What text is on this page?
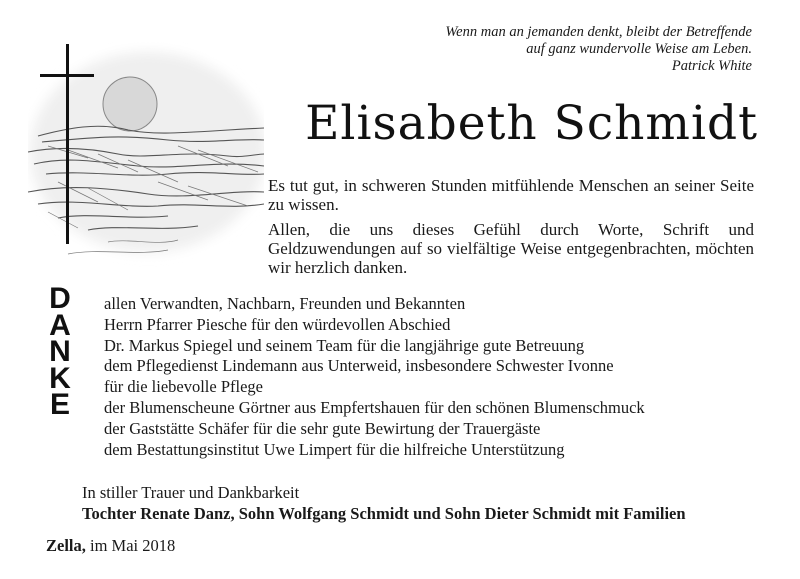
Wenn man an jemanden denkt, bleibt der Betreffende
auf ganz wundervolle Weise am Leben.
Patrick White
Elisabeth Schmidt

Es tut gut, in schweren Stunden mitfühlende Menschen an seiner Seite zu wissen.

Allen, die uns dieses Gefühl durch Worte, Schrift und Geldzuwendungen auf so vielfältige Weise entgegenbrachten, möchten wir herzlich danken.

D
A
N
K
E
allen Verwandten, Nachbarn, Freunden und Bekannten
Herrn Pfarrer Piesche für den würdevollen Abschied
Dr. Markus Spiegel und seinem Team für die langjährige gute Betreuung
dem Pflegedienst Lindemann aus Unterweid, insbesondere Schwester Ivonne
für die liebevolle Pflege
der Blumenscheune Görtner aus Empfertshauen für den schönen Blumenschmuck
der Gaststätte Schäfer für die sehr gute Bewirtung der Trauergäste
dem Bestattungsinstitut Uwe Limpert für die hilfreiche Unterstützung
In stiller Trauer und Dankbarkeit
Tochter Renate Danz, Sohn Wolfgang Schmidt und Sohn Dieter Schmidt mit Familien
Zella, im Mai 2018
